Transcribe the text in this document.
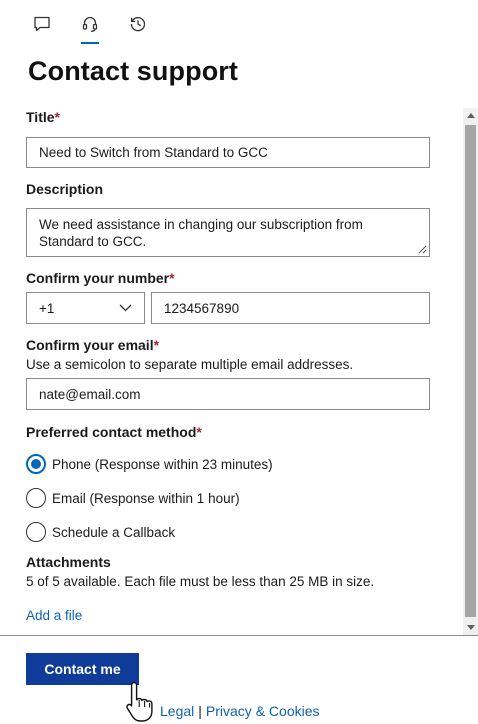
Contact support
Title*
Need to Switch from Standard to GCC
Description
We need assistance in changing our subscription from Standard to GCC.
Confirm your number*
+1	1234567890
Confirm your email*
Use a semicolon to separate multiple email addresses.
nate@email.com
Preferred contact method*
Phone (Response within 23 minutes)
Email (Response within 1 hour)
Schedule a Callback
Attachments
5 of 5 available. Each file must be less than 25 MB in size.
Add a file
Contact me
Legal | Privacy & Cookies
